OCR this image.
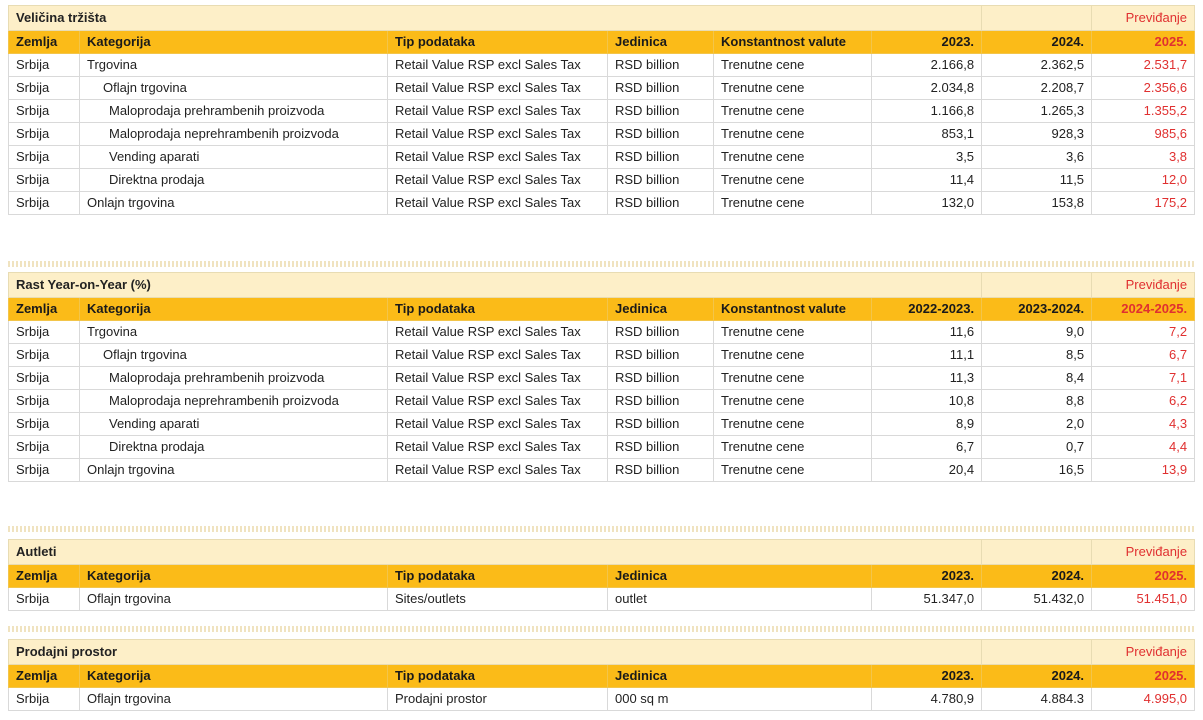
Veličina tržišta							Previđanje
Zemlja	Kategorija	Tip podataka	Jedinica	Konstantnost valute	2023.	2024.	2025.
Srbija	Trgovina	Retail Value RSP excl Sales Tax	RSD billion	Trenutne cene	2.166,8	2.362,5	2.531,7
Srbija	Oflajn trgovina	Retail Value RSP excl Sales Tax	RSD billion	Trenutne cene	2.034,8	2.208,7	2.356,6
Srbija	Maloprodaja prehrambenih proizvoda	Retail Value RSP excl Sales Tax	RSD billion	Trenutne cene	1.166,8	1.265,3	1.355,2
Srbija	Maloprodaja neprehrambenih proizvoda	Retail Value RSP excl Sales Tax	RSD billion	Trenutne cene	853,1	928,3	985,6
Srbija	Vending aparati	Retail Value RSP excl Sales Tax	RSD billion	Trenutne cene	3,5	3,6	3,8
Srbija	Direktna prodaja	Retail Value RSP excl Sales Tax	RSD billion	Trenutne cene	11,4	11,5	12,0
Srbija	Onlajn trgovina	Retail Value RSP excl Sales Tax	RSD billion	Trenutne cene	132,0	153,8	175,2
Rast Year-on-Year (%)							Previđanje
Zemlja	Kategorija	Tip podataka	Jedinica	Konstantnost valute	2022-2023.	2023-2024.	2024-2025.
Srbija	Trgovina	Retail Value RSP excl Sales Tax	RSD billion	Trenutne cene	11,6	9,0	7,2
Srbija	Oflajn trgovina	Retail Value RSP excl Sales Tax	RSD billion	Trenutne cene	11,1	8,5	6,7
Srbija	Maloprodaja prehrambenih proizvoda	Retail Value RSP excl Sales Tax	RSD billion	Trenutne cene	11,3	8,4	7,1
Srbija	Maloprodaja neprehrambenih proizvoda	Retail Value RSP excl Sales Tax	RSD billion	Trenutne cene	10,8	8,8	6,2
Srbija	Vending aparati	Retail Value RSP excl Sales Tax	RSD billion	Trenutne cene	8,9	2,0	4,3
Srbija	Direktna prodaja	Retail Value RSP excl Sales Tax	RSD billion	Trenutne cene	6,7	0,7	4,4
Srbija	Onlajn trgovina	Retail Value RSP excl Sales Tax	RSD billion	Trenutne cene	20,4	16,5	13,9
Autleti						Previđanje
Zemlja	Kategorija	Tip podataka	Jedinica	2023.	2024.	2025.
Srbija	Oflajn trgovina	Sites/outlets	outlet	51.347,0	51.432,0	51.451,0
Prodajni prostor						Previđanje
Zemlja	Kategorija	Tip podataka	Jedinica	2023.	2024.	2025.
Srbija	Oflajn trgovina	Prodajni prostor	000 sq m	4.780,9	4.884.3	4.995,0
